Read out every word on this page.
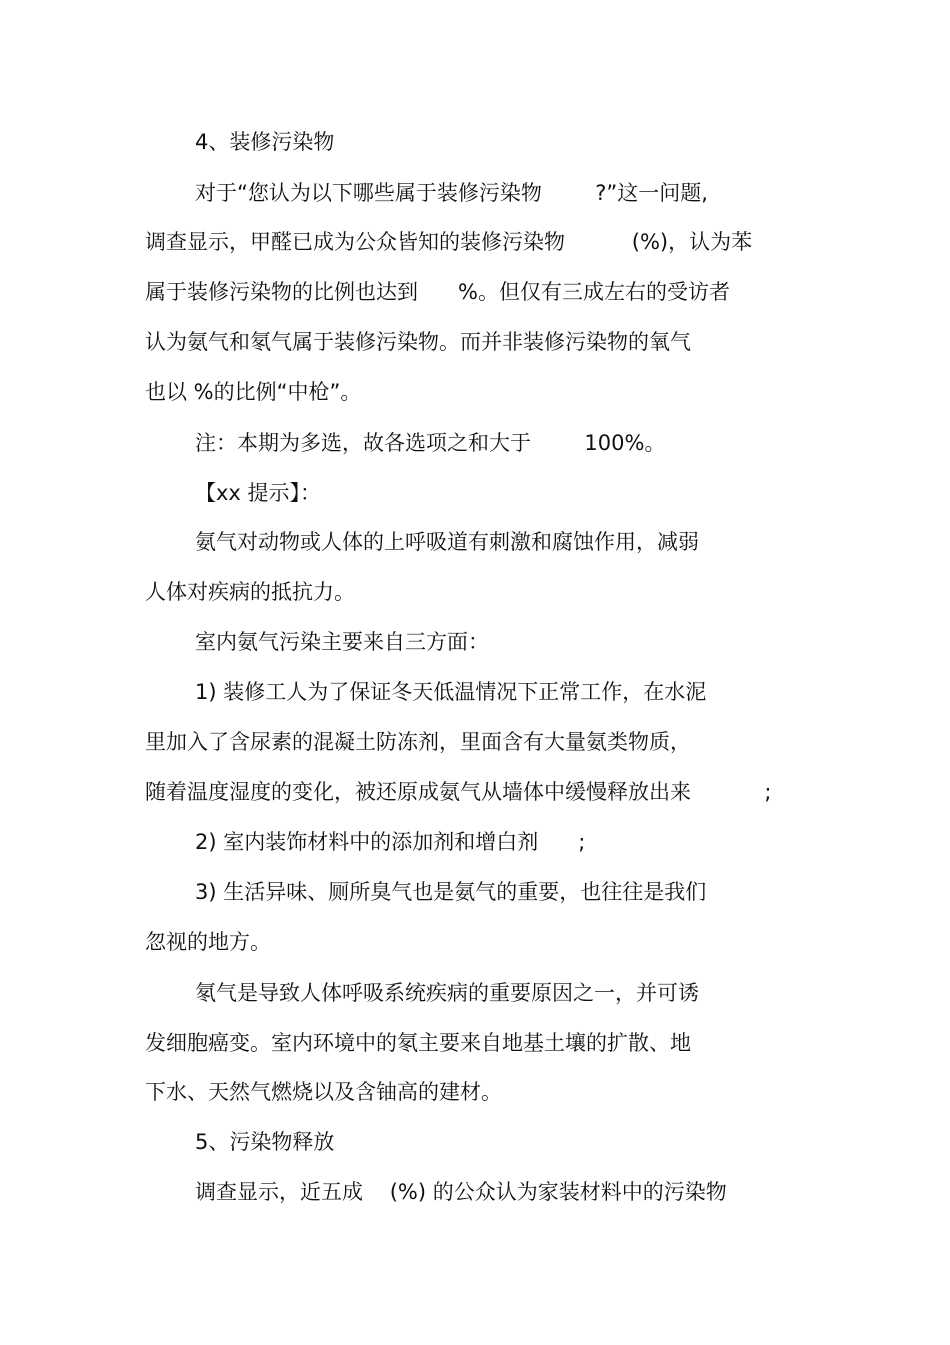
4、装修污染物
对于“您认为以下哪些属于装修污染物        ?”这一问题,
调查显示，甲醛已成为公众皆知的装修污染物          (%)，认为苯
属于装修污染物的比例也达到      %。但仅有三成左右的受访者
认为氨气和氡气属于装修污染物。而并非装修污染物的氧气
也以 %的比例“中枪”。
注：本期为多选，故各选项之和大于        100%。
【xx 提示】：
氨气对动物或人体的上呼吸道有刺激和腐蚀作用，减弱
人体对疾病的抵抗力。
室内氨气污染主要来自三方面：
1) 装修工人为了保证冬天低温情况下正常工作，在水泥
里加入了含尿素的混凝土防冻剂，里面含有大量氨类物质，
随着温度湿度的变化，被还原成氨气从墙体中缓慢释放出来           ;
2) 室内装饰材料中的添加剂和增白剂      ;
3) 生活异味、厕所臭气也是氨气的重要，也往往是我们
忽视的地方。
氡气是导致人体呼吸系统疾病的重要原因之一，并可诱
发细胞癌变。室内环境中的氡主要来自地基土壤的扩散、地
下水、天然气燃烧以及含铀高的建材。
5、污染物释放
调查显示，近五成    (%) 的公众认为家装材料中的污染物
